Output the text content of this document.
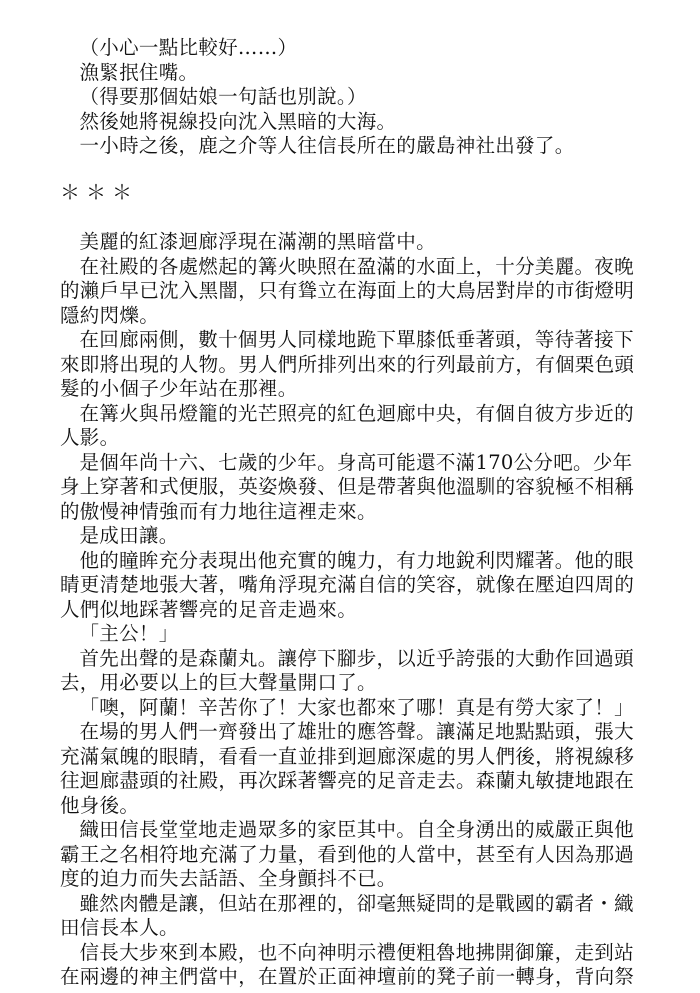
（小心一點比較好……）

漁緊抿住嘴。

（得要那個姑娘一句話也別說。）

然後她將視線投向沈入黑暗的大海。

一小時之後，鹿之介等人往信長所在的嚴島神社出發了。

＊＊＊

美麗的紅漆迴廊浮現在滿潮的黑暗當中。

在社殿的各處燃起的篝火映照在盈滿的水面上，十分美麗。夜晚的瀨戶早已沈入黑闇，只有聳立在海面上的大鳥居對岸的市街燈明隱約閃爍。

在回廊兩側，數十個男人同樣地跪下單膝低垂著頭，等待著接下來即將出現的人物。男人們所排列出來的行列最前方，有個栗色頭髮的小個子少年站在那裡。

在篝火與吊燈籠的光芒照亮的紅色迴廊中央，有個自彼方步近的人影。

是個年尚十六、七歲的少年。身高可能還不滿170公分吧。少年身上穿著和式便服，英姿煥發、但是帶著與他溫馴的容貌極不相稱的傲慢神情強而有力地往這裡走來。

是成田讓。

他的瞳眸充分表現出他充實的魄力，有力地銳利閃耀著。他的眼睛更清楚地張大著，嘴角浮現充滿自信的笑容，就像在壓迫四周的人們似地踩著響亮的足音走過來。

「主公！」

首先出聲的是森蘭丸。讓停下腳步，以近乎誇張的大動作回過頭去，用必要以上的巨大聲量開口了。

「噢，阿蘭！辛苦你了！大家也都來了哪！真是有勞大家了！」

在場的男人們一齊發出了雄壯的應答聲。讓滿足地點點頭，張大充滿氣魄的眼睛，看看一直並排到迴廊深處的男人們後，將視線移往迴廊盡頭的社殿，再次踩著響亮的足音走去。森蘭丸敏捷地跟在他身後。

織田信長堂堂地走過眾多的家臣其中。自全身湧出的威嚴正與他霸王之名相符地充滿了力量，看到他的人當中，甚至有人因為那過度的迫力而失去話語、全身顫抖不已。

雖然肉體是讓，但站在那裡的，卻毫無疑問的是戰國的霸者・織田信長本人。

信長大步來到本殿，也不向神明示禮便粗魯地拂開御簾，走到站在兩邊的神主們當中，在置於正面神壇前的凳子前一轉身，背向祭
